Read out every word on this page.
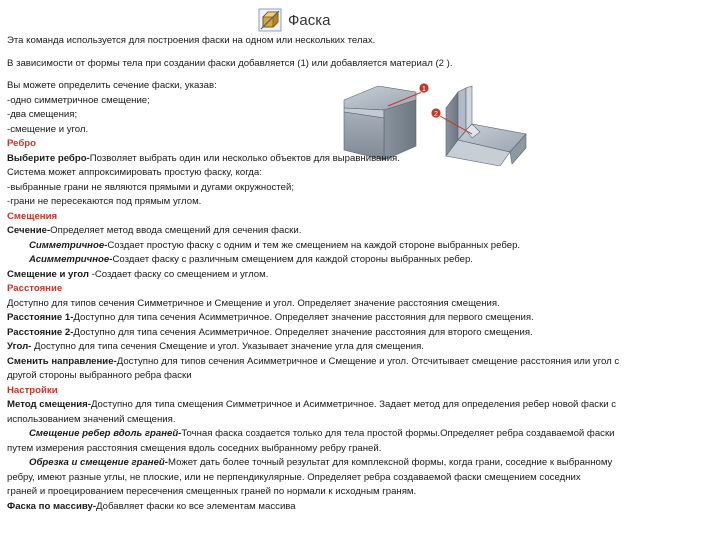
Фаска
1
2
Эта команда используется для построения фаски на одном или нескольких телах.
В зависимости от формы тела при создании фаски добавляется (1) или добавляется материал (2 ).
Вы можете определить сечение фаски, указав:
-одно симметричное смещение;
-два смещения;
-смещение и угол.
Ребро
Выберите ребро-Позволяет выбрать один или несколько объектов для выравнивания.
Система может аппроксимировать простую фаску, когда:
-выбранные грани не являются прямыми и дугами окружностей;
-грани не пересекаются под прямым углом.
Смещения
Сечение-Определяет метод ввода смещений для сечения фаски.
Симметричное-Создает простую фаску с одним и тем же смещением на каждой стороне выбранных ребер.
Асимметричное-Создает фаску с различным смещением для каждой стороны выбранных ребер.
Смещение и угол -Создает фаску со смещением и углом.
Расстояние
Доступно для типов сечения Симметричное и Смещение и угол. Определяет значение расстояния смещения.
Расстояние 1-Доступно для типа сечения Асимметричное. Определяет значение расстояния для первого смещения.
Расстояние 2-Доступно для типа сечения Асимметричное. Определяет значение расстояния для второго смещения.
Угол- Доступно для типа сечения Смещение и угол. Указывает значение угла для смещения.
Сменить направление-Доступно для типов сечения Асимметричное и Смещение и угол. Отсчитывает смещение расстояния или угол с
другой стороны выбранного ребра фаски
Настройки
Метод смещения-Доступно для типа смещения Симметричное и Асимметричное. Задает метод для определения ребер новой фаски с
использованием значений смещения.
Смещение ребер вдоль граней-Точная фаска создается только для тела простой формы.Определяет ребра создаваемой фаски
путем измерения расстояния смещения вдоль соседних выбранному ребру граней.
Обрезка и смещение граней-Может дать более точный результат для комплексной формы, когда грани, соседние к выбранному
ребру, имеют разные углы, не плоские, или не перпендикулярные. Определяет ребра создаваемой фаски смещением соседних
граней и проецированием пересечения смещенных граней по нормали к исходным граням.
Фаска по массиву-Добавляет фаски ко все элементам массива
